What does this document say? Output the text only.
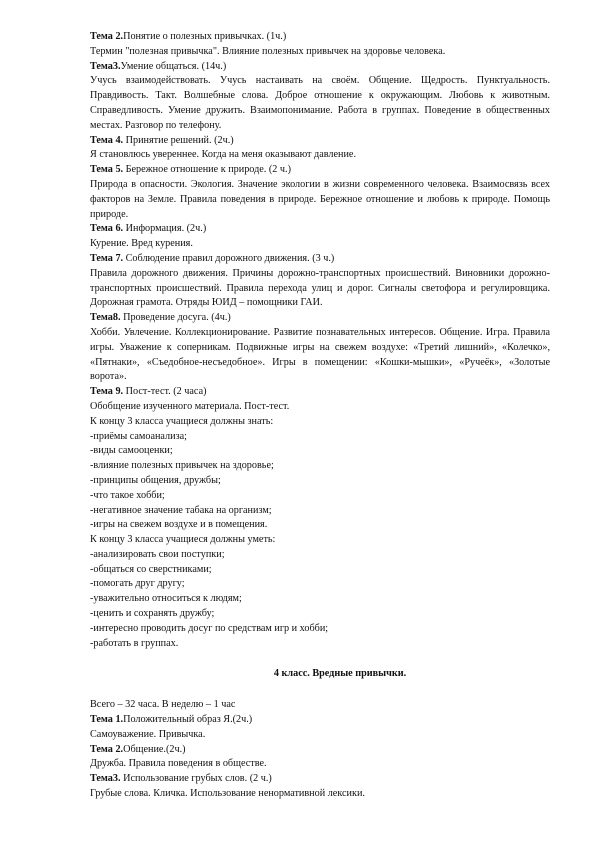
Тема 2.Понятие о полезных привычках. (1ч.)

Термин "полезная привычка". Влияние полезных привычек на здоровье человека.

Тема3.Умение общаться. (14ч.)

Учусь взаимодействовать. Учусь настаивать на своём. Общение. Щедрость. Пунктуальность. Правдивость. Такт. Волшебные слова. Доброе отношение к окружающим. Любовь к животным. Справедливость. Умение дружить. Взаимопонимание. Работа в группах. Поведение в общественных местах. Разговор по телефону.

Тема 4. Принятие решений. (2ч.)

Я становлюсь увереннее. Когда на меня оказывают давление.

Тема 5. Бережное отношение к природе. (2 ч.)

Природа в опасности. Экология. Значение экологии в жизни современного человека. Взаимосвязь всех факторов на Земле. Правила поведения в природе. Бережное отношение и любовь к природе. Помощь природе.

Тема 6. Информация. (2ч.)

Курение. Вред курения.

Тема 7. Соблюдение правил дорожного движения. (3 ч.)

Правила дорожного движения. Причины дорожно-транспортных происшествий. Виновники дорожно-транспортных происшествий. Правила перехода улиц и дорог. Сигналы светофора и регулировщика. Дорожная грамота. Отряды ЮИД – помощники ГАИ.

Тема8. Проведение досуга. (4ч.)

Хобби. Увлечение. Коллекционирование. Развитие познавательных интересов. Общение. Игра. Правила игры. Уважение к соперникам. Подвижные игры на свежем воздухе: «Третий лишний», «Колечко», «Пятнаки», «Съедобное-несъедобное». Игры в помещении: «Кошки-мышки», «Ручеёк», «Золотые ворота».

Тема 9. Пост-тест. (2 часа)

Обобщение изученного материала. Пост-тест.

К концу 3 класса учащиеся должны знать:

-приёмы самоанализа;

-виды самооценки;

-влияние полезных привычек на здоровье;

-принципы общения, дружбы;

-что такое хобби;

-негативное значение табака на организм;

-игры на свежем воздухе и в помещения.

К концу 3 класса учащиеся должны уметь:

-анализировать свои поступки;

-общаться со сверстниками;

-помогать друг другу;

-уважительно относиться к людям;

-ценить и сохранять дружбу;

-интересно проводить досуг по средствам игр и хобби;

-работать в группах.

4 класс. Вредные привычки.

Всего – 32 часа. В неделю – 1 час

Тема 1.Положительный образ Я.(2ч.)

Самоуважение. Привычка.

Тема 2.Общение.(2ч.)

Дружба. Правила поведения в обществе.

Тема3. Использование грубых слов. (2 ч.)

Грубые слова. Кличка. Использование ненормативной лексики.
